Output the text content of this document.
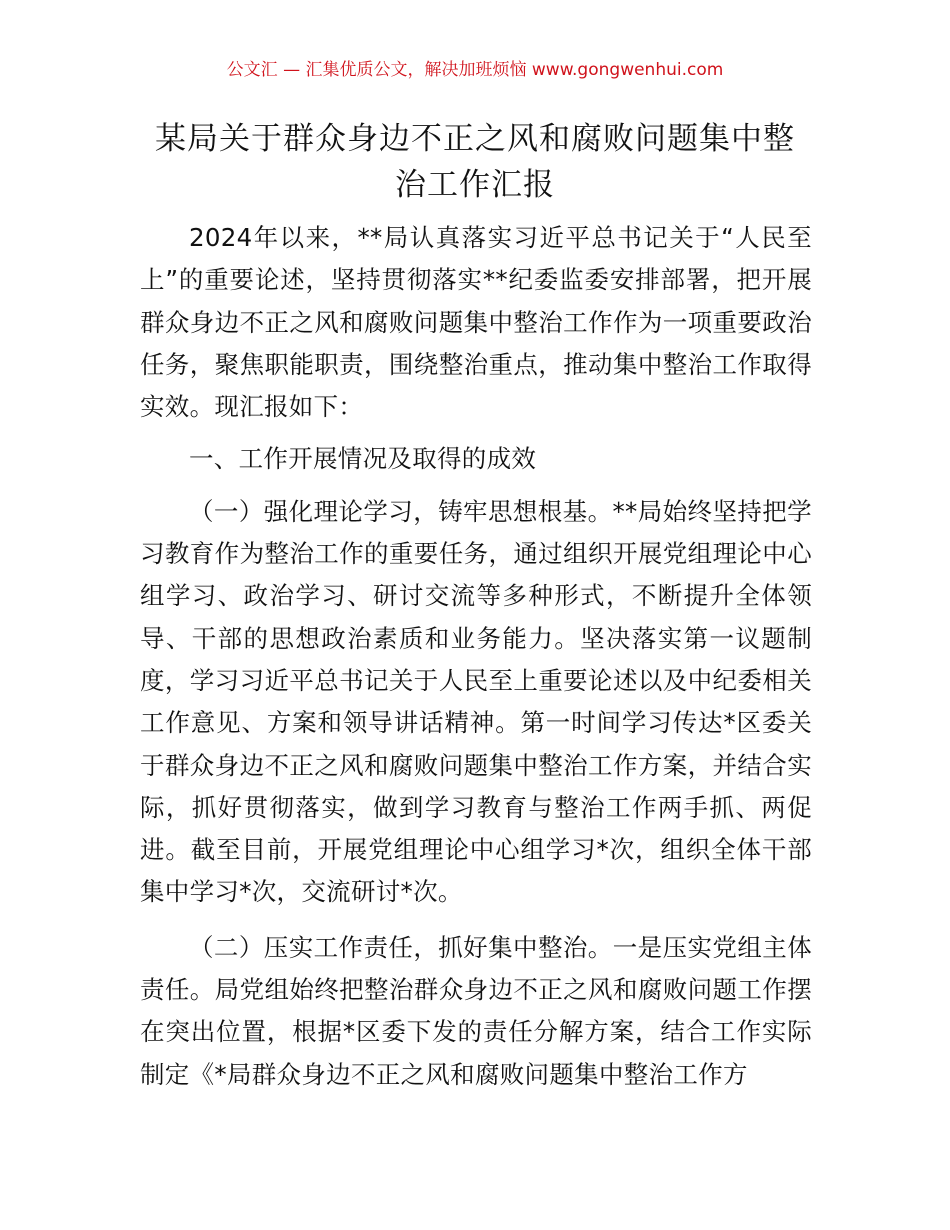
公文汇 — 汇集优质公文，解决加班烦恼 www.gongwenhui.com
某局关于群众身边不正之风和腐败问题集中整治工作汇报

2024年以来，**局认真落实习近平总书记关于“人民至上”的重要论述，坚持贯彻落实**纪委监委安排部署，把开展群众身边不正之风和腐败问题集中整治工作作为一项重要政治任务，聚焦职能职责，围绕整治重点，推动集中整治工作取得实效。现汇报如下：

一、工作开展情况及取得的成效

（一）强化理论学习，铸牢思想根基。**局始终坚持把学习教育作为整治工作的重要任务，通过组织开展党组理论中心组学习、政治学习、研讨交流等多种形式，不断提升全体领导、干部的思想政治素质和业务能力。坚决落实第一议题制度，学习习近平总书记关于人民至上重要论述以及中纪委相关工作意见、方案和领导讲话精神。第一时间学习传达*区委关于群众身边不正之风和腐败问题集中整治工作方案，并结合实际，抓好贯彻落实，做到学习教育与整治工作两手抓、两促进。截至目前，开展党组理论中心组学习*次，组织全体干部集中学习*次，交流研讨*次。

（二）压实工作责任，抓好集中整治。一是压实党组主体责任。局党组始终把整治群众身边不正之风和腐败问题工作摆在突出位置，根据*区委下发的责任分解方案，结合工作实际制定《*局群众身边不正之风和腐败问题集中整治工作方
